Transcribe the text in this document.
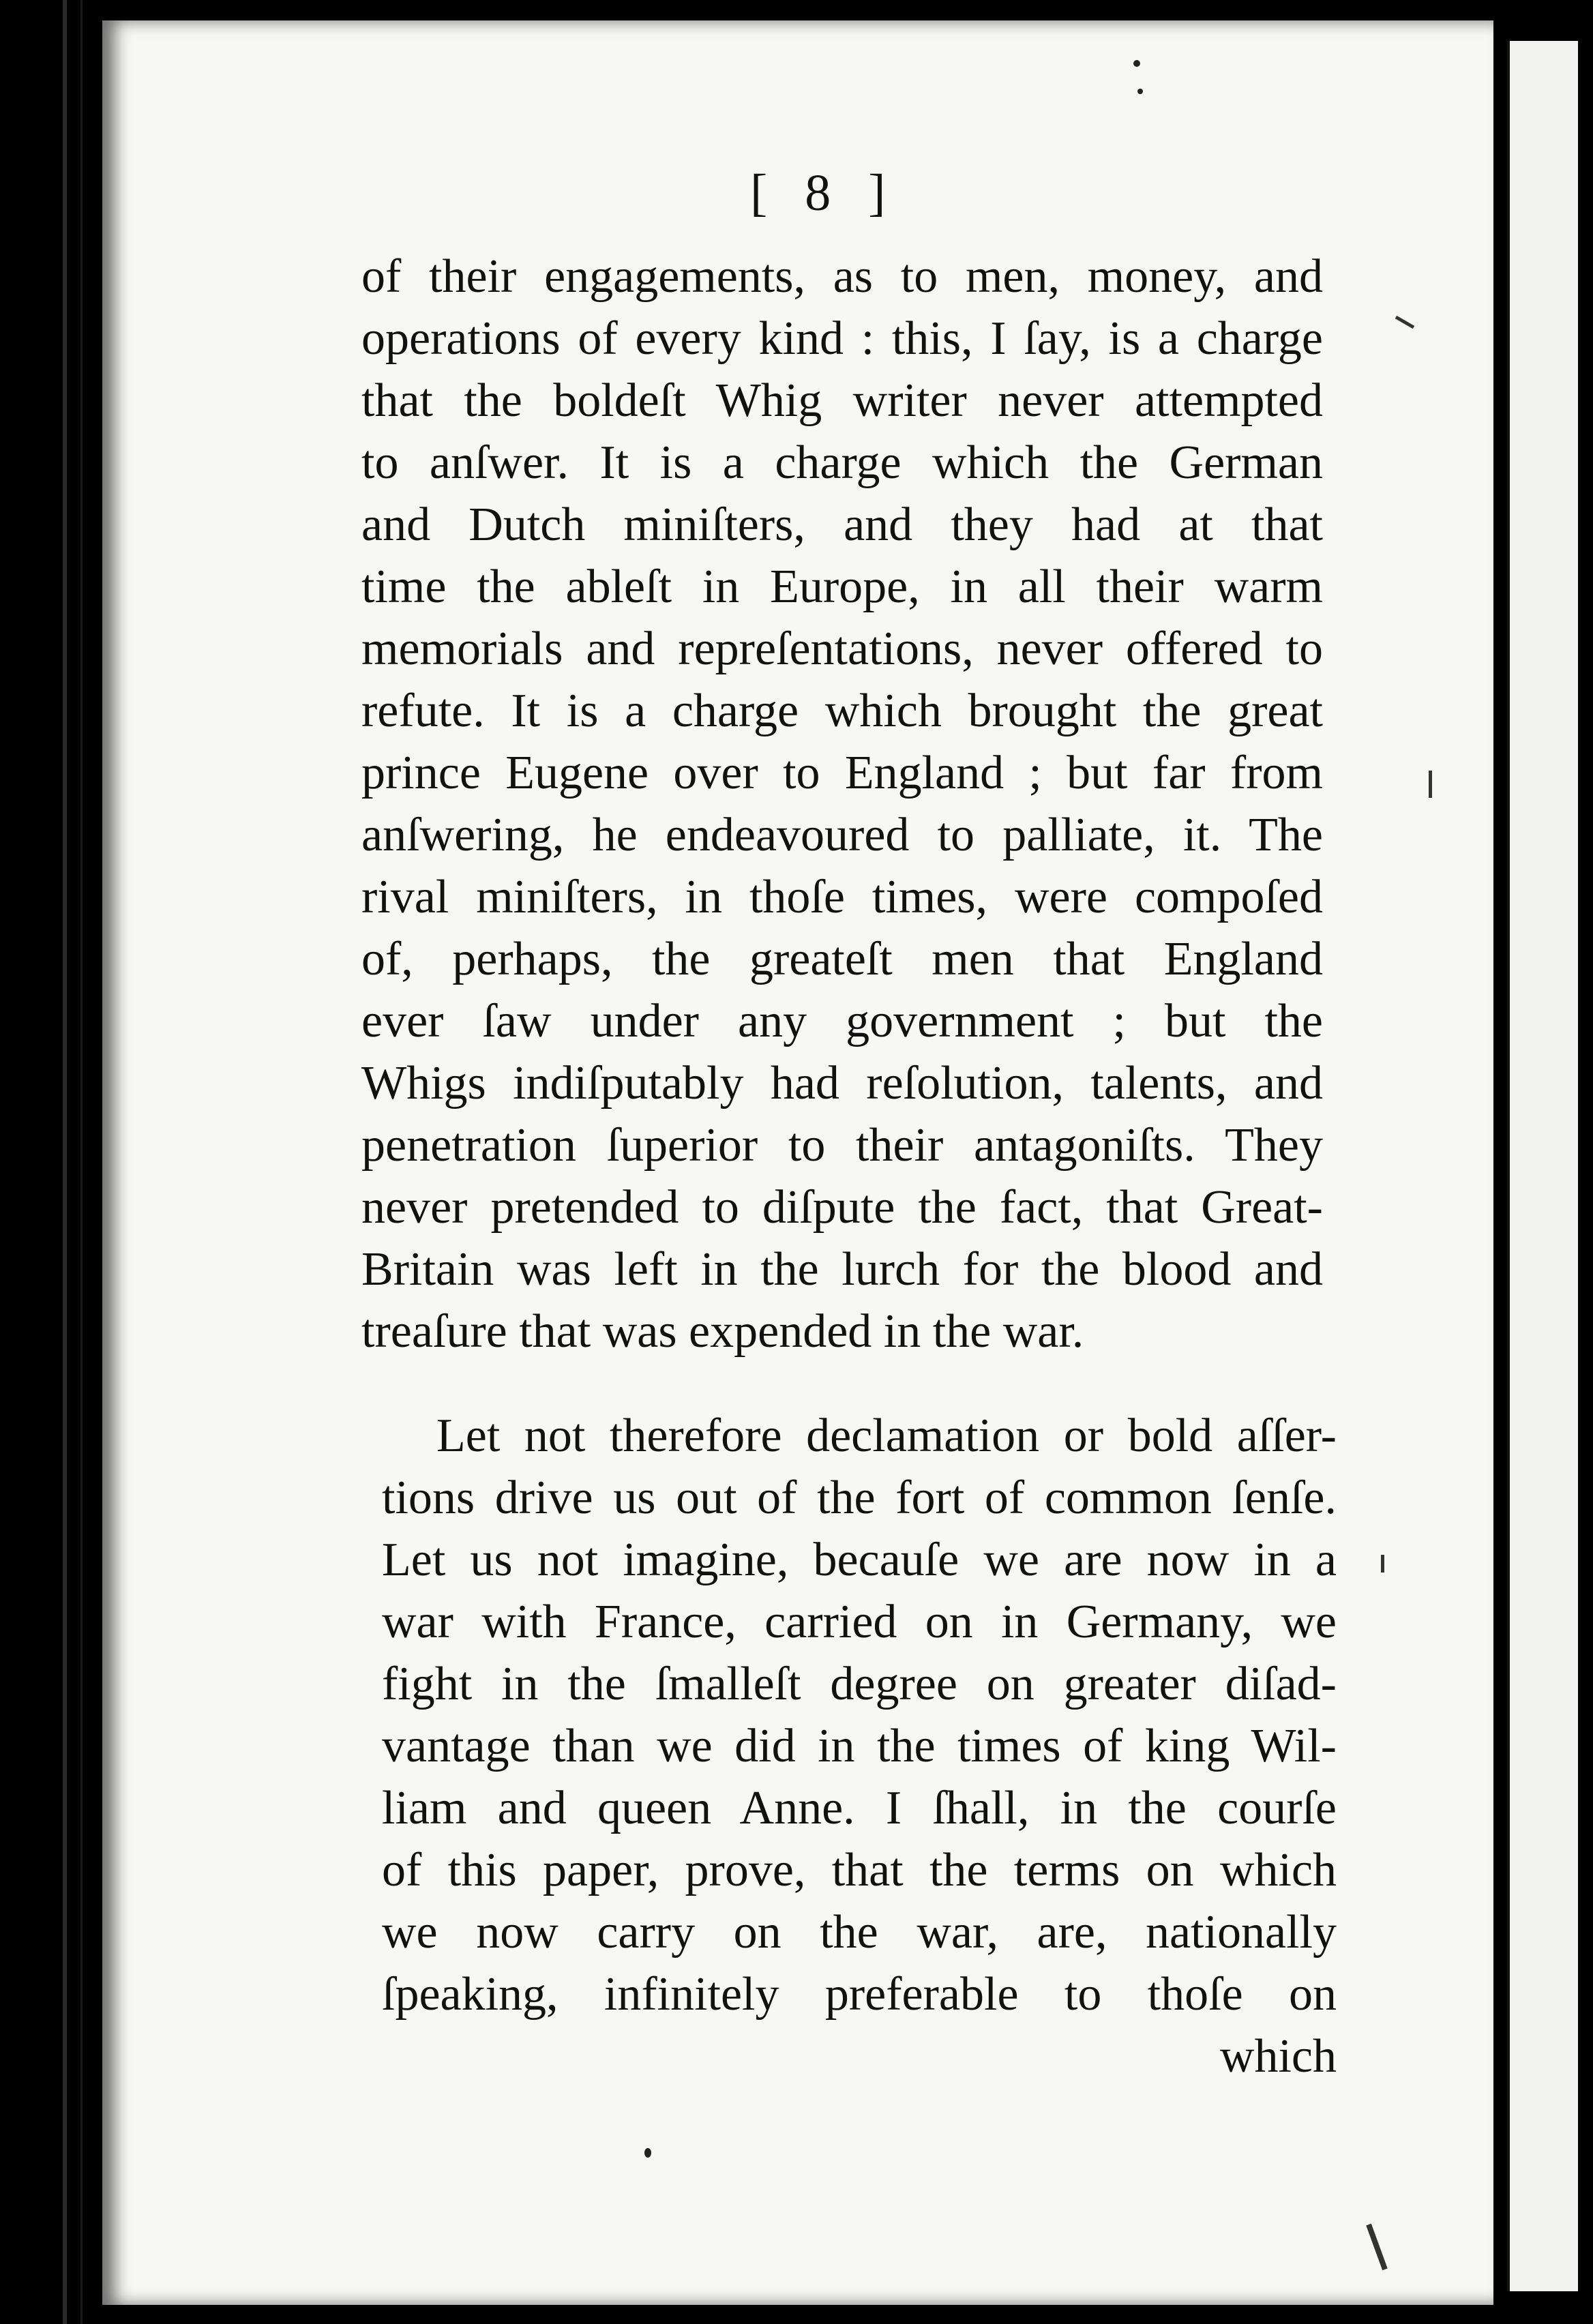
[ 8 ]
of their engagements, as to men, money, and
operations of every kind : this, I ſay, is a charge
that the boldeſt Whig writer never attempted
to anſwer. It is a charge which the German
and Dutch miniſters, and they had at that
time the ableſt in Europe, in all their warm
memorials and repreſentations, never offered to
refute. It is a charge which brought the great
prince Eugene over to England ; but far from
anſwering, he endeavoured to palliate, it. The
rival miniſters, in thoſe times, were compoſed
of, perhaps, the greateſt men that England
ever ſaw under any government ; but the
Whigs indiſputably had reſolution, talents, and
penetration ſuperior to their antagoniſts. They
never pretended to diſpute the fact, that Great-
Britain was left in the lurch for the blood and
treaſure that was expended in the war.
Let not therefore declamation or bold aſſer-
tions drive us out of the fort of common ſenſe.
Let us not imagine, becauſe we are now in a
war with France, carried on in Germany, we
fight in the ſmalleſt degree on greater diſad-
vantage than we did in the times of king Wil-
liam and queen Anne. I ſhall, in the courſe
of this paper, prove, that the terms on which
we now carry on the war, are, nationally
ſpeaking, infinitely preferable to thoſe on
which
